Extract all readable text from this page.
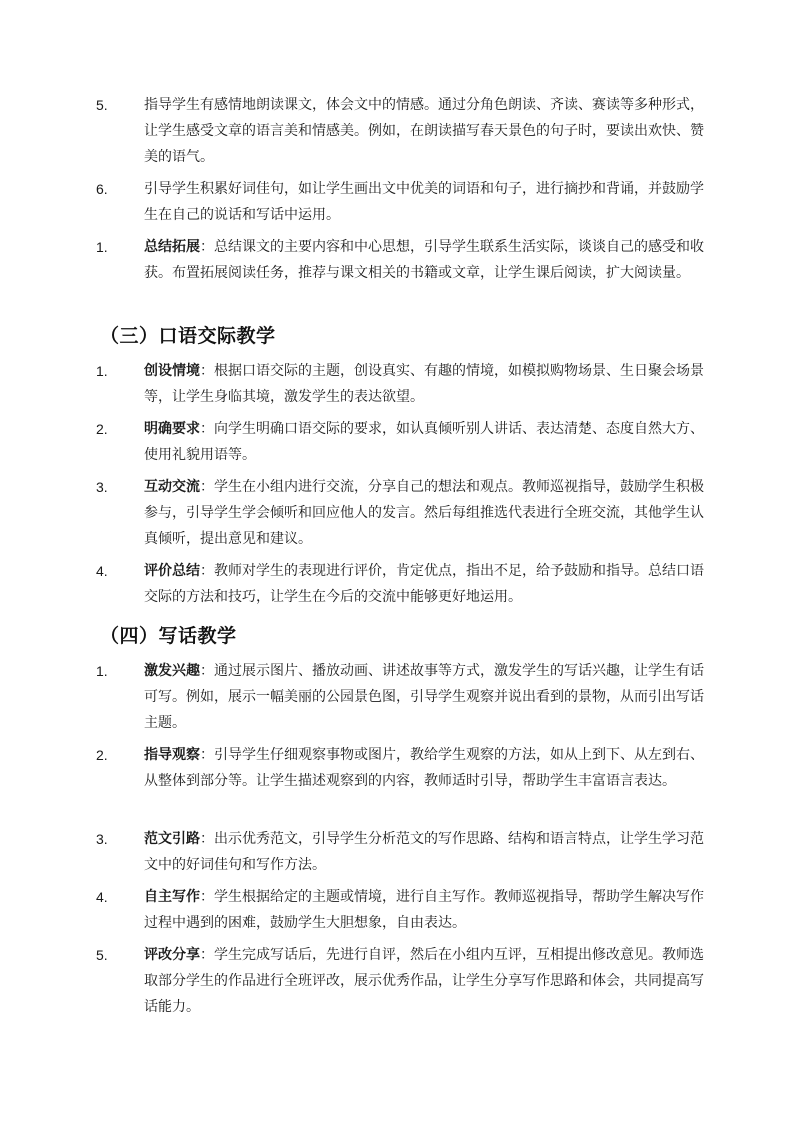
5.	指导学生有感情地朗读课文，体会文中的情感。通过分角色朗读、齐读、赛读等多种形式，让学生感受文章的语言美和情感美。例如，在朗读描写春天景色的句子时，要读出欢快、赞美的语气。
6.	引导学生积累好词佳句，如让学生画出文中优美的词语和句子，进行摘抄和背诵，并鼓励学生在自己的说话和写话中运用。
1.	总结拓展：总结课文的主要内容和中心思想，引导学生联系生活实际，谈谈自己的感受和收获。布置拓展阅读任务，推荐与课文相关的书籍或文章，让学生课后阅读，扩大阅读量。
（三）口语交际教学
1.	创设情境：根据口语交际的主题，创设真实、有趣的情境，如模拟购物场景、生日聚会场景等，让学生身临其境，激发学生的表达欲望。
2.	明确要求：向学生明确口语交际的要求，如认真倾听别人讲话、表达清楚、态度自然大方、使用礼貌用语等。
3.	互动交流：学生在小组内进行交流，分享自己的想法和观点。教师巡视指导，鼓励学生积极参与，引导学生学会倾听和回应他人的发言。然后每组推选代表进行全班交流，其他学生认真倾听，提出意见和建议。
4.	评价总结：教师对学生的表现进行评价，肯定优点，指出不足，给予鼓励和指导。总结口语交际的方法和技巧，让学生在今后的交流中能够更好地运用。
（四）写话教学
1.	激发兴趣：通过展示图片、播放动画、讲述故事等方式，激发学生的写话兴趣，让学生有话可写。例如，展示一幅美丽的公园景色图，引导学生观察并说出看到的景物，从而引出写话主题。
2.	指导观察：引导学生仔细观察事物或图片，教给学生观察的方法，如从上到下、从左到右、从整体到部分等。让学生描述观察到的内容，教师适时引导，帮助学生丰富语言表达。
3.	范文引路：出示优秀范文，引导学生分析范文的写作思路、结构和语言特点，让学生学习范文中的好词佳句和写作方法。
4.	自主写作：学生根据给定的主题或情境，进行自主写作。教师巡视指导，帮助学生解决写作过程中遇到的困难，鼓励学生大胆想象，自由表达。
5.	评改分享：学生完成写话后，先进行自评，然后在小组内互评，互相提出修改意见。教师选取部分学生的作品进行全班评改，展示优秀作品，让学生分享写作思路和体会，共同提高写话能力。
